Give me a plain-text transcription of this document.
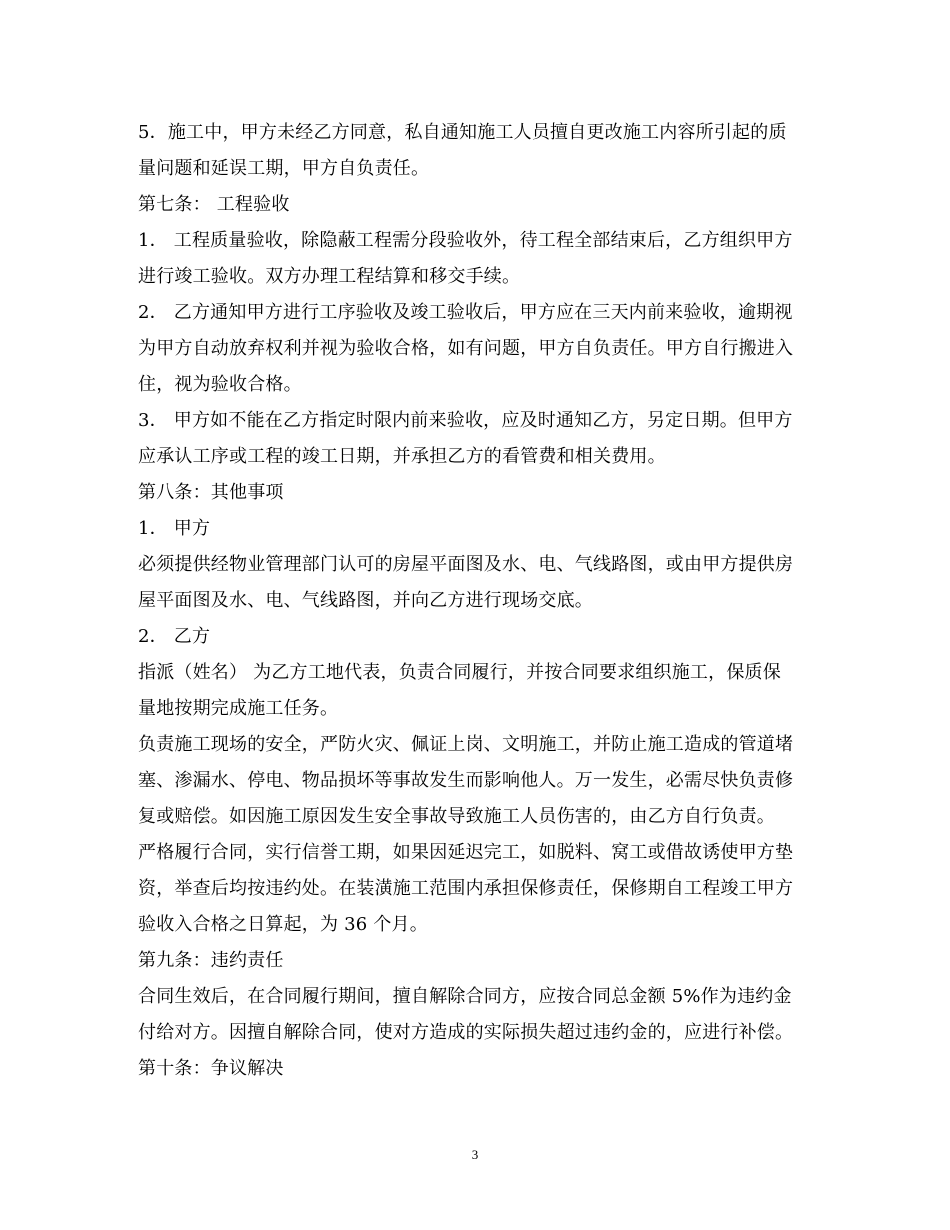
5．施工中，甲方未经乙方同意，私自通知施工人员擅自更改施工内容所引起的质
量问题和延误工期，甲方自负责任。
第七条： 工程验收
1． 工程质量验收，除隐蔽工程需分段验收外，待工程全部结束后，乙方组织甲方
进行竣工验收。双方办理工程结算和移交手续。
2． 乙方通知甲方进行工序验收及竣工验收后，甲方应在三天内前来验收，逾期视
为甲方自动放弃权利并视为验收合格，如有问题，甲方自负责任。甲方自行搬进入
住，视为验收合格。
3． 甲方如不能在乙方指定时限内前来验收，应及时通知乙方，另定日期。但甲方
应承认工序或工程的竣工日期，并承担乙方的看管费和相关费用。
第八条：其他事项
1． 甲方
必须提供经物业管理部门认可的房屋平面图及水、电、气线路图，或由甲方提供房
屋平面图及水、电、气线路图，并向乙方进行现场交底。
2． 乙方
指派（姓名） 为乙方工地代表，负责合同履行，并按合同要求组织施工，保质保
量地按期完成施工任务。
负责施工现场的安全，严防火灾、佩证上岗、文明施工，并防止施工造成的管道堵
塞、渗漏水、停电、物品损坏等事故发生而影响他人。万一发生，必需尽快负责修
复或赔偿。如因施工原因发生安全事故导致施工人员伤害的，由乙方自行负责。
严格履行合同，实行信誉工期，如果因延迟完工，如脱料、窝工或借故诱使甲方垫
资，举查后均按违约处。在装潢施工范围内承担保修责任，保修期自工程竣工甲方
验收入合格之日算起，为 36 个月。
第九条：违约责任
合同生效后，在合同履行期间，擅自解除合同方，应按合同总金额 5%作为违约金
付给对方。因擅自解除合同，使对方造成的实际损失超过违约金的，应进行补偿。
第十条：争议解决
3
